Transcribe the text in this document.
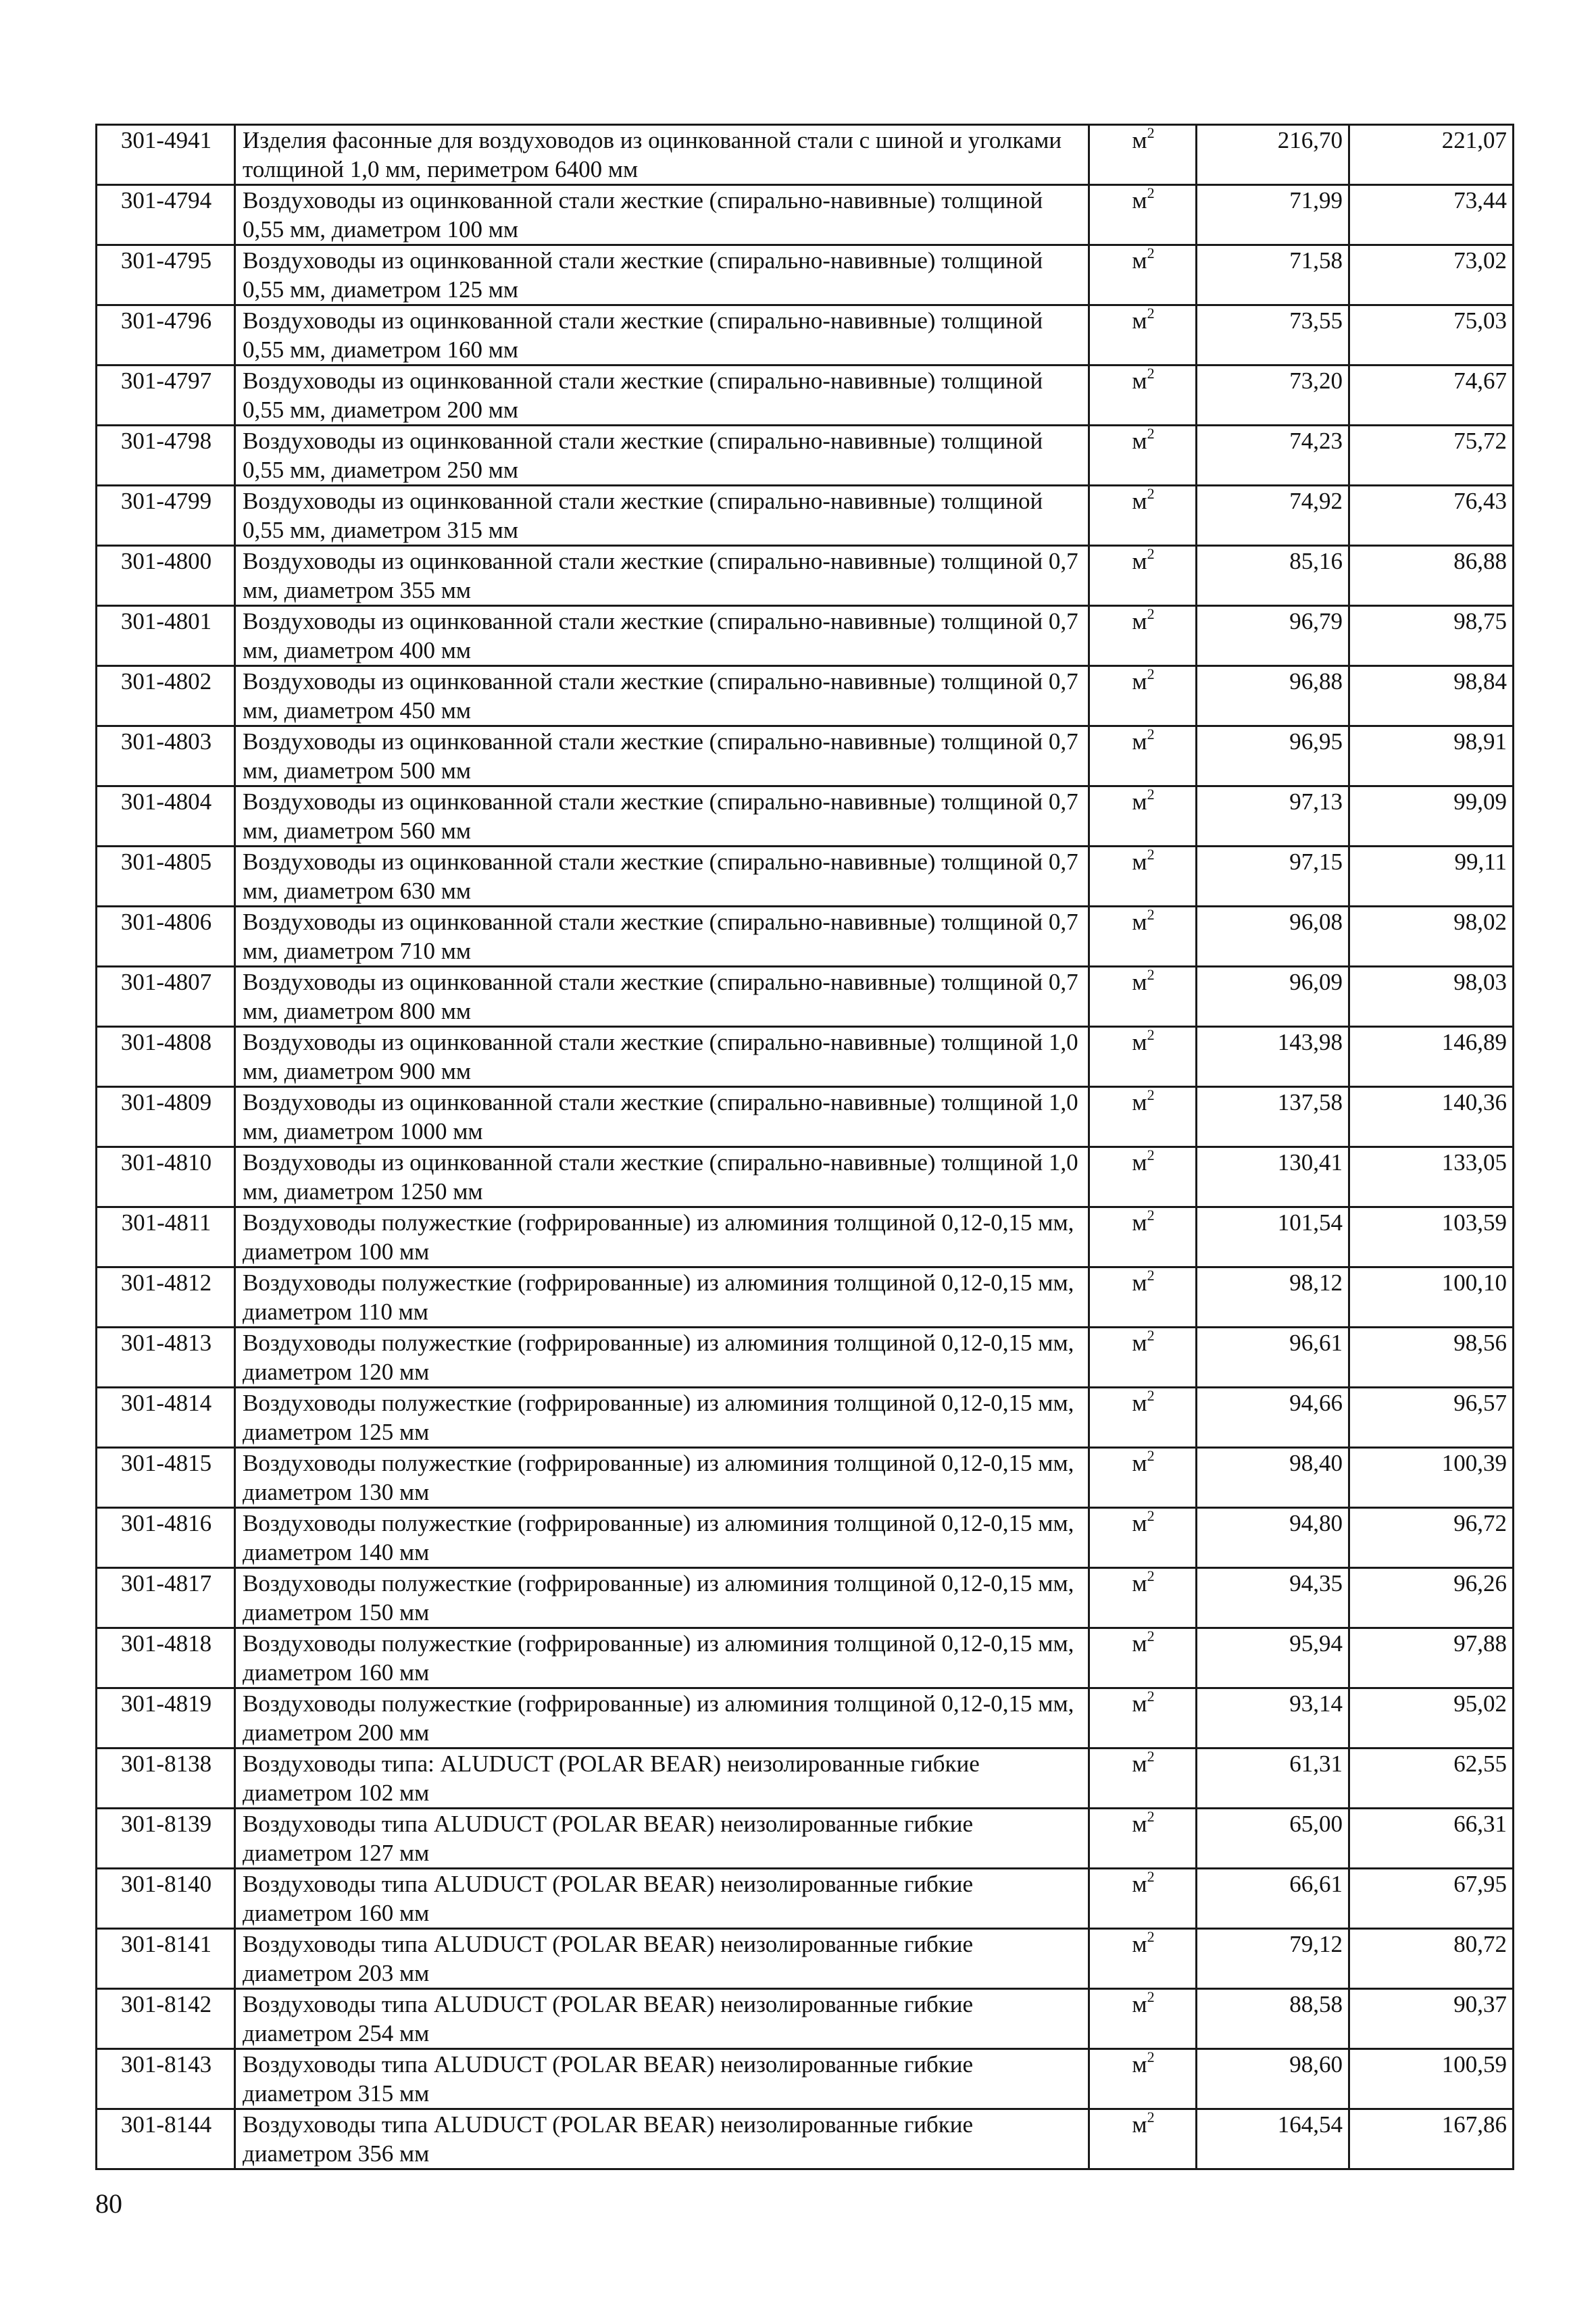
301-4941	Изделия фасонные для воздуховодов из оцинкованной стали с шиной и уголками толщиной 1,0 мм, периметром 6400 мм	$м^2$	216,70	221,07
301-4794	Воздуховоды из оцинкованной стали жесткие (спирально-навивные) толщиной 0,55 мм, диаметром 100 мм	$м^2$	71,99	73,44
301-4795	Воздуховоды из оцинкованной стали жесткие (спирально-навивные) толщиной 0,55 мм, диаметром 125 мм	$м^2$	71,58	73,02
301-4796	Воздуховоды из оцинкованной стали жесткие (спирально-навивные) толщиной 0,55 мм, диаметром 160 мм	$м^2$	73,55	75,03
301-4797	Воздуховоды из оцинкованной стали жесткие (спирально-навивные) толщиной 0,55 мм, диаметром 200 мм	$м^2$	73,20	74,67
301-4798	Воздуховоды из оцинкованной стали жесткие (спирально-навивные) толщиной 0,55 мм, диаметром 250 мм	$м^2$	74,23	75,72
301-4799	Воздуховоды из оцинкованной стали жесткие (спирально-навивные) толщиной 0,55 мм, диаметром 315 мм	$м^2$	74,92	76,43
301-4800	Воздуховоды из оцинкованной стали жесткие (спирально-навивные) толщиной 0,7 мм, диаметром 355 мм	$м^2$	85,16	86,88
301-4801	Воздуховоды из оцинкованной стали жесткие (спирально-навивные) толщиной 0,7 мм, диаметром 400 мм	$м^2$	96,79	98,75
301-4802	Воздуховоды из оцинкованной стали жесткие (спирально-навивные) толщиной 0,7 мм, диаметром 450 мм	$м^2$	96,88	98,84
301-4803	Воздуховоды из оцинкованной стали жесткие (спирально-навивные) толщиной 0,7 мм, диаметром 500 мм	$м^2$	96,95	98,91
301-4804	Воздуховоды из оцинкованной стали жесткие (спирально-навивные) толщиной 0,7 мм, диаметром 560 мм	$м^2$	97,13	99,09
301-4805	Воздуховоды из оцинкованной стали жесткие (спирально-навивные) толщиной 0,7 мм, диаметром 630 мм	$м^2$	97,15	99,11
301-4806	Воздуховоды из оцинкованной стали жесткие (спирально-навивные) толщиной 0,7 мм, диаметром 710 мм	$м^2$	96,08	98,02
301-4807	Воздуховоды из оцинкованной стали жесткие (спирально-навивные) толщиной 0,7 мм, диаметром 800 мм	$м^2$	96,09	98,03
301-4808	Воздуховоды из оцинкованной стали жесткие (спирально-навивные) толщиной 1,0 мм, диаметром 900 мм	$м^2$	143,98	146,89
301-4809	Воздуховоды из оцинкованной стали жесткие (спирально-навивные) толщиной 1,0 мм, диаметром 1000 мм	$м^2$	137,58	140,36
301-4810	Воздуховоды из оцинкованной стали жесткие (спирально-навивные) толщиной 1,0 мм, диаметром 1250 мм	$м^2$	130,41	133,05
301-4811	Воздуховоды полужесткие (гофрированные) из алюминия толщиной 0,12-0,15 мм, диаметром 100 мм	$м^2$	101,54	103,59
301-4812	Воздуховоды полужесткие (гофрированные) из алюминия толщиной 0,12-0,15 мм, диаметром 110 мм	$м^2$	98,12	100,10
301-4813	Воздуховоды полужесткие (гофрированные) из алюминия толщиной 0,12-0,15 мм, диаметром 120 мм	$м^2$	96,61	98,56
301-4814	Воздуховоды полужесткие (гофрированные) из алюминия толщиной 0,12-0,15 мм, диаметром 125 мм	$м^2$	94,66	96,57
301-4815	Воздуховоды полужесткие (гофрированные) из алюминия толщиной 0,12-0,15 мм, диаметром 130 мм	$м^2$	98,40	100,39
301-4816	Воздуховоды полужесткие (гофрированные) из алюминия толщиной 0,12-0,15 мм, диаметром 140 мм	$м^2$	94,80	96,72
301-4817	Воздуховоды полужесткие (гофрированные) из алюминия толщиной 0,12-0,15 мм, диаметром 150 мм	$м^2$	94,35	96,26
301-4818	Воздуховоды полужесткие (гофрированные) из алюминия толщиной 0,12-0,15 мм, диаметром 160 мм	$м^2$	95,94	97,88
301-4819	Воздуховоды полужесткие (гофрированные) из алюминия толщиной 0,12-0,15 мм, диаметром 200 мм	$м^2$	93,14	95,02
301-8138	Воздуховоды типа: ALUDUCT (POLAR BEAR) неизолированные гибкие диаметром 102 мм	$м^2$	61,31	62,55
301-8139	Воздуховоды типа ALUDUCT (POLAR BEAR) неизолированные гибкие диаметром 127 мм	$м^2$	65,00	66,31
301-8140	Воздуховоды типа ALUDUCT (POLAR BEAR) неизолированные гибкие диаметром 160 мм	$м^2$	66,61	67,95
301-8141	Воздуховоды типа ALUDUCT (POLAR BEAR) неизолированные гибкие диаметром 203 мм	$м^2$	79,12	80,72
301-8142	Воздуховоды типа ALUDUCT (POLAR BEAR) неизолированные гибкие диаметром 254 мм	$м^2$	88,58	90,37
301-8143	Воздуховоды типа ALUDUCT (POLAR BEAR) неизолированные гибкие диаметром 315 мм	$м^2$	98,60	100,59
301-8144	Воздуховоды типа ALUDUCT (POLAR BEAR) неизолированные гибкие диаметром 356 мм	$м^2$	164,54	167,86
80
